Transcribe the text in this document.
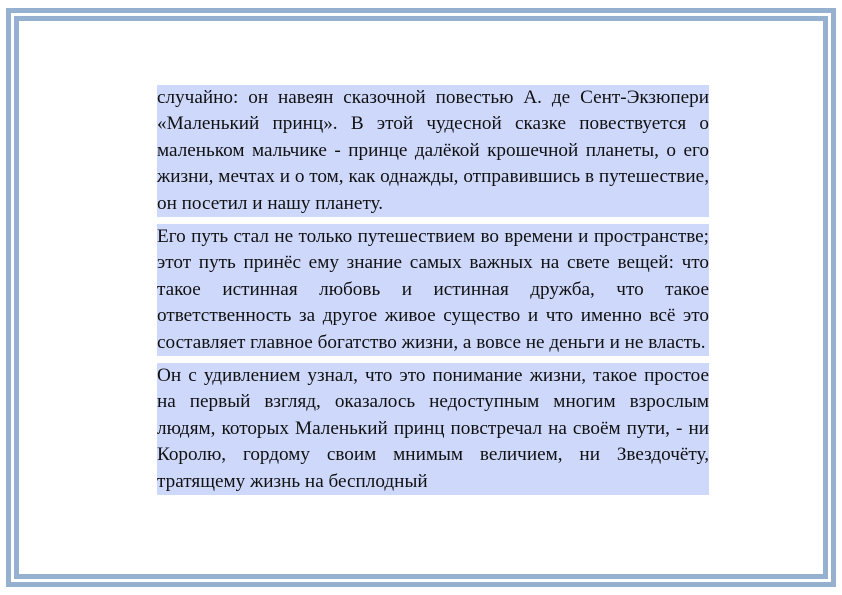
случайно: он навеян сказочной повестью А. де Сент-Экзюпери «Маленький принц». В этой чудесной сказке повествуется о маленьком мальчике - принце далёкой крошечной планеты, о его жизни, мечтах и о том, как однажды, отправившись в путешествие, он посетил и нашу планету.

Его путь стал не только путешествием во времени и пространстве; этот путь принёс ему знание самых важных на свете вещей: что такое истинная любовь и истинная дружба, что такое ответственность за другое живое существо и что именно всё это составляет главное богатство жизни, а вовсе не деньги и не власть.

Он с удивлением узнал, что это понимание жизни, такое простое на первый взгляд, оказалось недоступным многим взрослым людям, которых Маленький принц повстречал на своём пути, - ни Королю, гордому своим мнимым величием, ни Звездочёту, тратящему жизнь на бесплодный
